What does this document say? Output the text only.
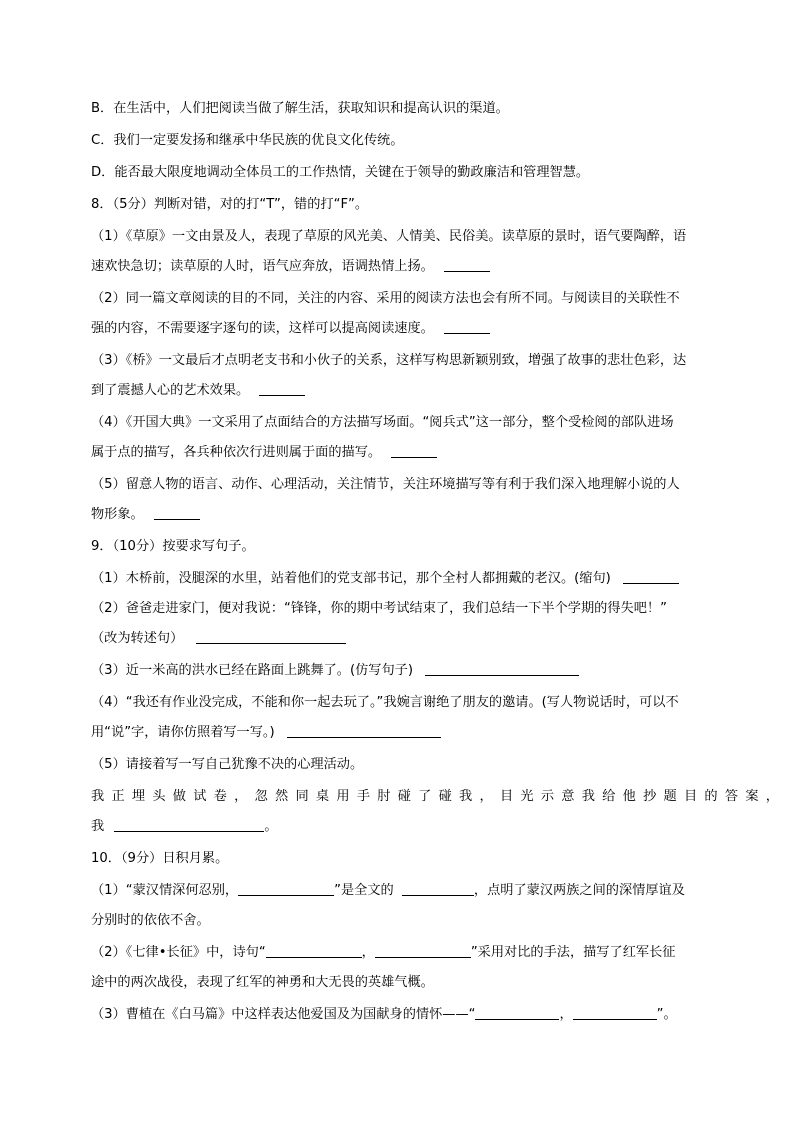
B．在生活中，人们把阅读当做了解生活，获取知识和提高认识的渠道。
C．我们一定要发扬和继承中华民族的优良文化传统。
D．能否最大限度地调动全体员工的工作热情，关键在于领导的勤政廉洁和管理智慧。
8．（5分）判断对错，对的打“T”，错的打“F”。
（1）《草原》一文由景及人，表现了草原的风光美、人情美、民俗美。读草原的景时，语气要陶醉，语
速欢快急切；读草原的人时，语气应奔放，语调热情上扬。
（2）同一篇文章阅读的目的不同，关注的内容、采用的阅读方法也会有所不同。与阅读目的关联性不
强的内容，不需要逐字逐句的读，这样可以提高阅读速度。
（3）《桥》一文最后才点明老支书和小伙子的关系，这样写构思新颖别致，增强了故事的悲壮色彩，达
到了震撼人心的艺术效果。
（4）《开国大典》一文采用了点面结合的方法描写场面。“阅兵式”这一部分，整个受检阅的部队进场
属于点的描写，各兵种依次行进则属于面的描写。
（5）留意人物的语言、动作、心理活动，关注情节，关注环境描写等有利于我们深入地理解小说的人
物形象。
9．（10分）按要求写句子。
（1）木桥前，没腿深的水里，站着他们的党支部书记，那个全村人都拥戴的老汉。(缩句)
（2）爸爸走进家门，便对我说：“锋锋，你的期中考试结束了，我们总结一下半个学期的得失吧！”
（改为转述句）
（3）近一米高的洪水已经在路面上跳舞了。(仿写句子)
（4）“我还有作业没完成，不能和你一起去玩了。”我婉言谢绝了朋友的邀请。(写人物说话时，可以不
用“说”字，请你仿照着写一写。)
（5）请接着写一写自己犹豫不决的心理活动。
我正埋头做试卷，忽然同桌用手肘碰了碰我，目光示意我给他抄题目的答案，
我	。
10．（9分）日积月累。
（1）“蒙汉情深何忍别，	”是全文的	，点明了蒙汉两族之间的深情厚谊及
分别时的依依不舍。
（2）《七律•长征》中，诗句“	，	”采用对比的手法，描写了红军长征
途中的两次战役，表现了红军的神勇和大无畏的英雄气概。
（3）曹植在《白马篇》中这样表达他爱国及为国献身的情怀——“	，	”。
